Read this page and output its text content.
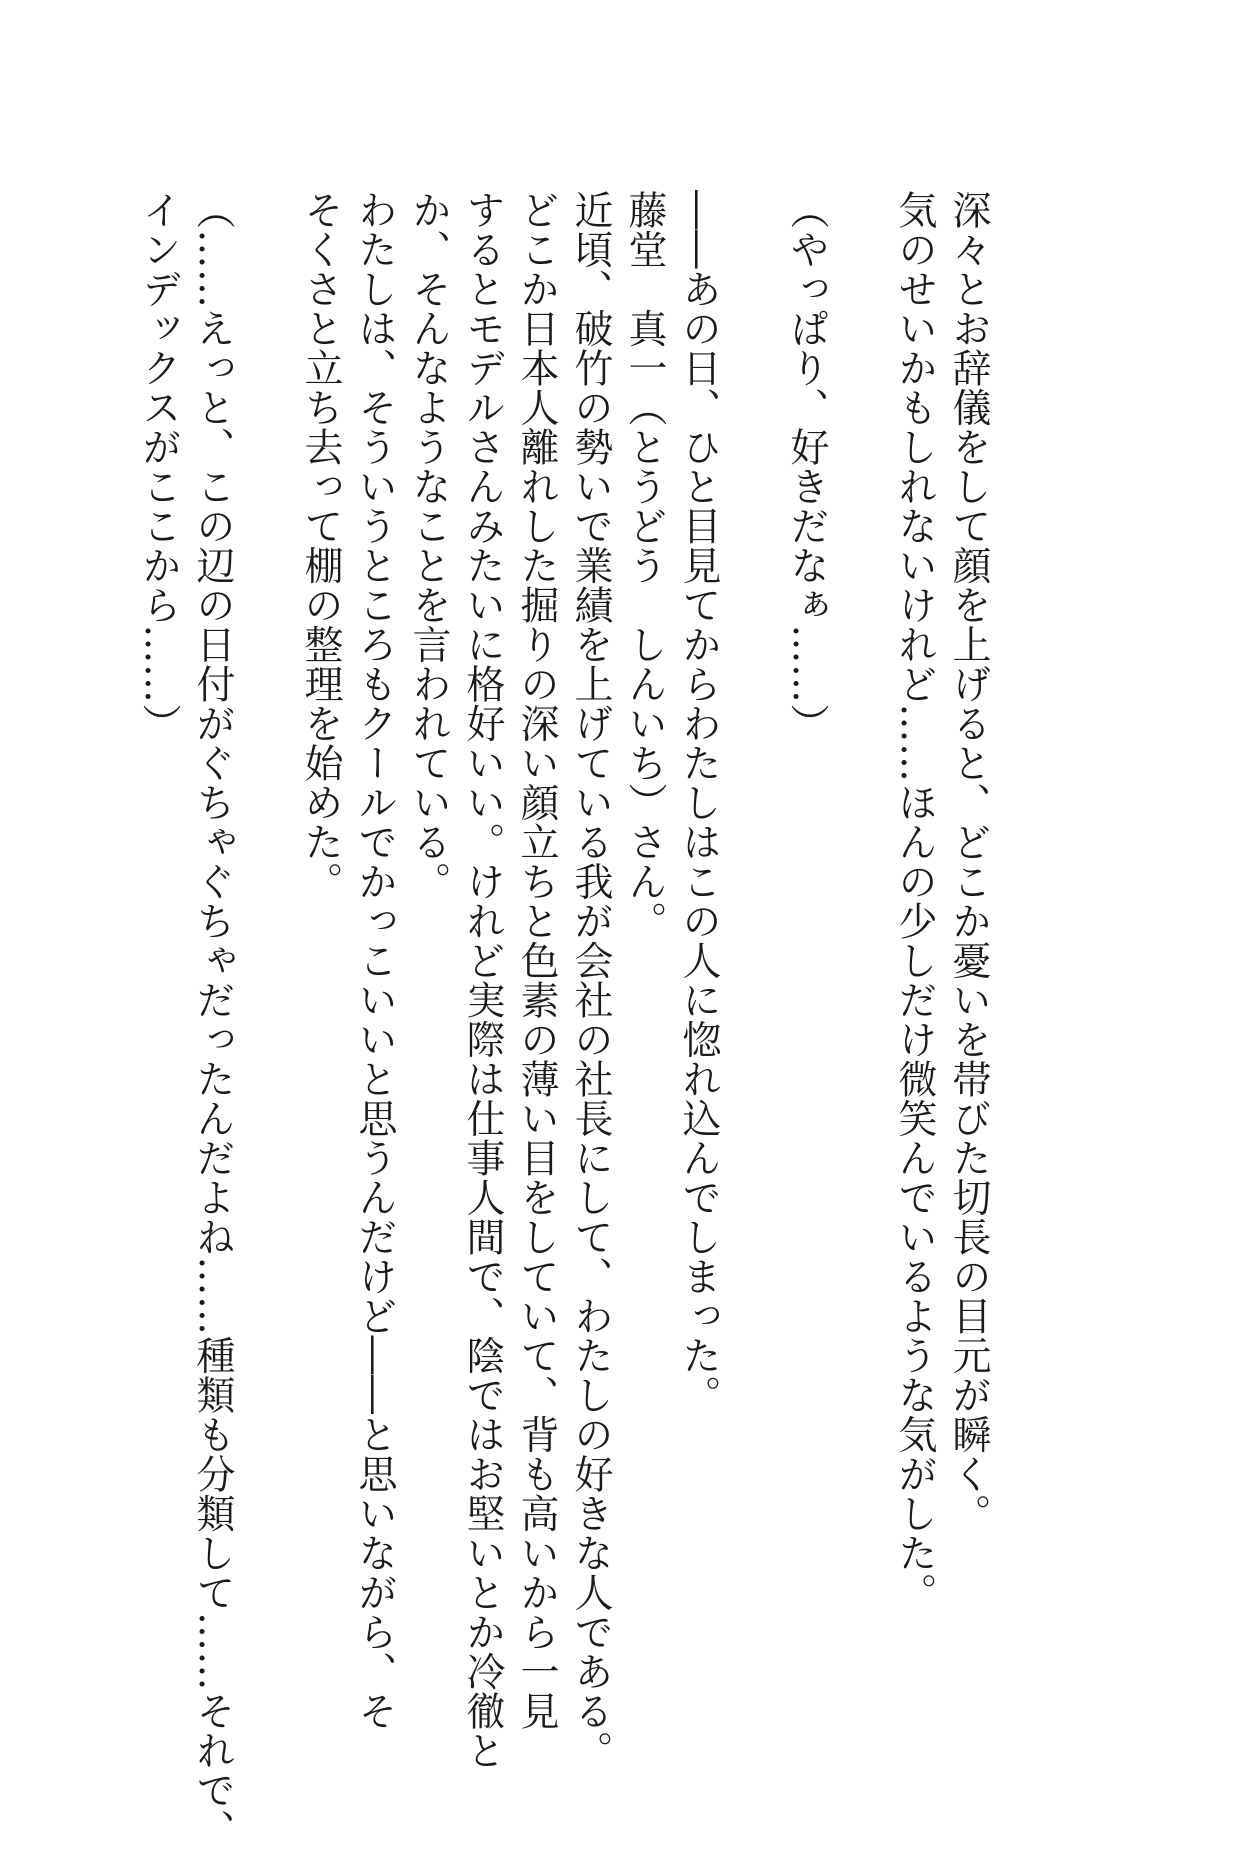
深々とお辞儀をして顔を上げると、どこか憂いを帯びた切長の目元が瞬く。

気のせいかもしれないけれど……ほんの少しだけ微笑んでいるような気がした。

（やっぱり、好きだなぁ……）

――あの日、ひと目見てからわたしはこの人に惚れ込んでしまった。

藤堂　真一（とうどう　しんいち）さん。

近頃、破竹の勢いで業績を上げている我が会社の社長にして、わたしの好きな人である。

どこか日本人離れした掘りの深い顔立ちと色素の薄い目をしていて、背も高いから一見

するとモデルさんみたいに格好いい。けれど実際は仕事人間で、陰ではお堅いとか冷徹と

か、そんなようなことを言われている。

わたしは、そういうところもクールでかっこいいと思うんだけど――と思いながら、そ

そくさと立ち去って棚の整理を始めた。

（……えっと、この辺の日付がぐちゃぐちゃだったんだよね……種類も分類して……それで、

インデックスがここから……）
